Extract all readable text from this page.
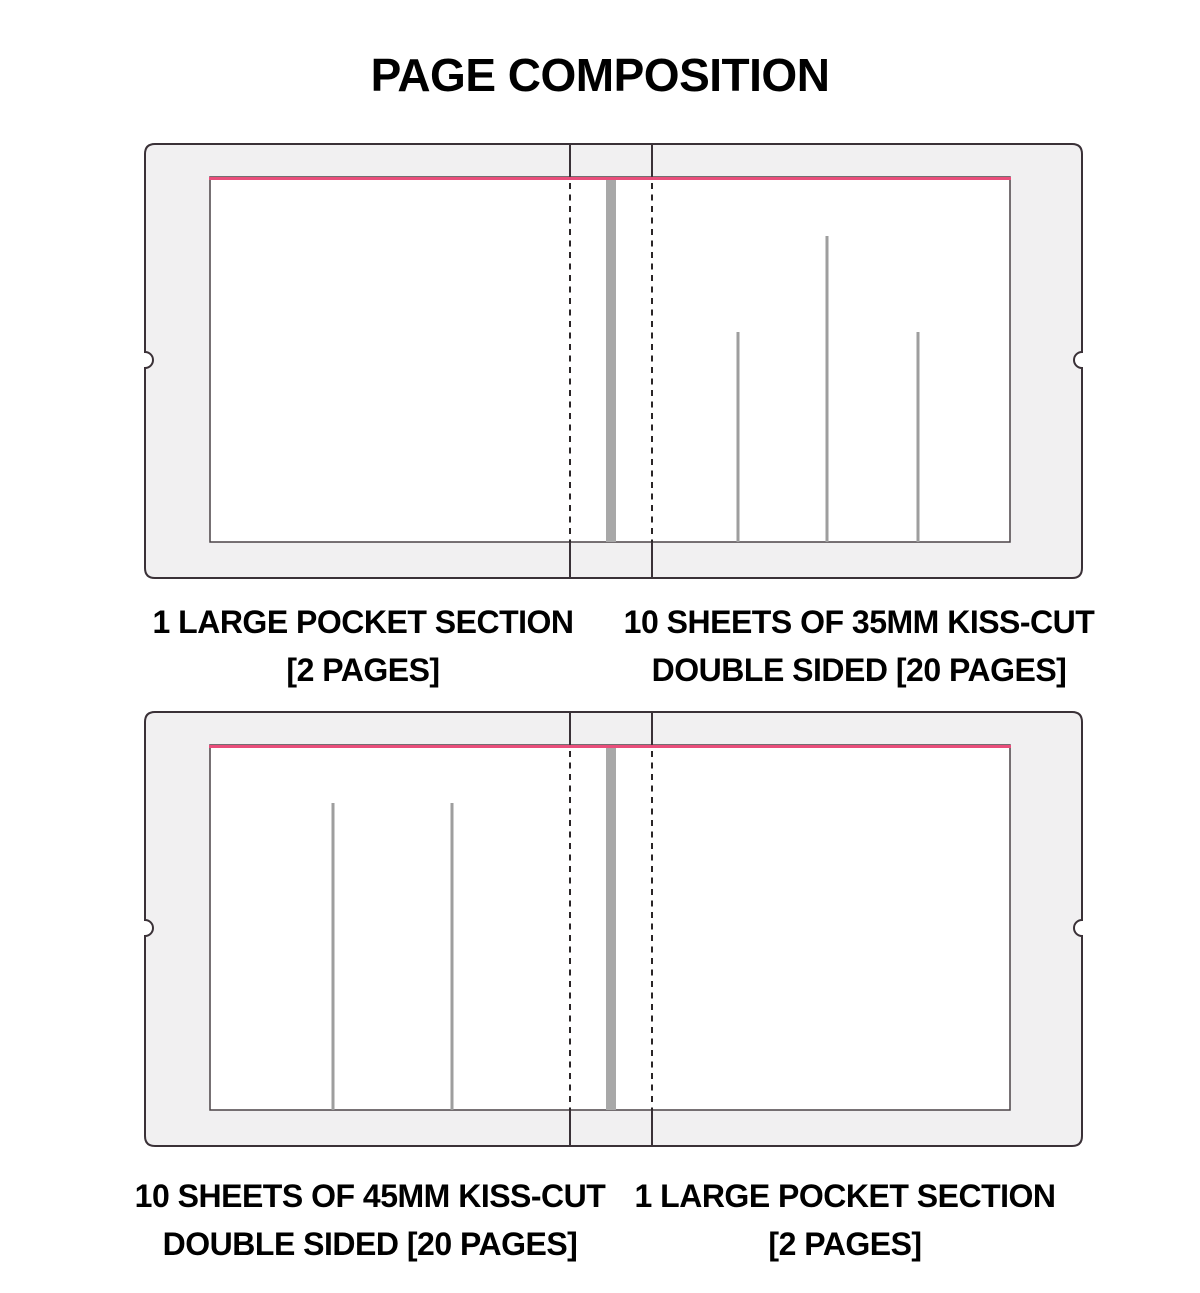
PAGE COMPOSITION
1 LARGE POCKET SECTION
[2 PAGES]
10 SHEETS OF 35MM KISS-CUT
DOUBLE SIDED [20 PAGES]
10 SHEETS OF 45MM KISS-CUT
DOUBLE SIDED [20 PAGES]
1 LARGE POCKET SECTION
[2 PAGES]
